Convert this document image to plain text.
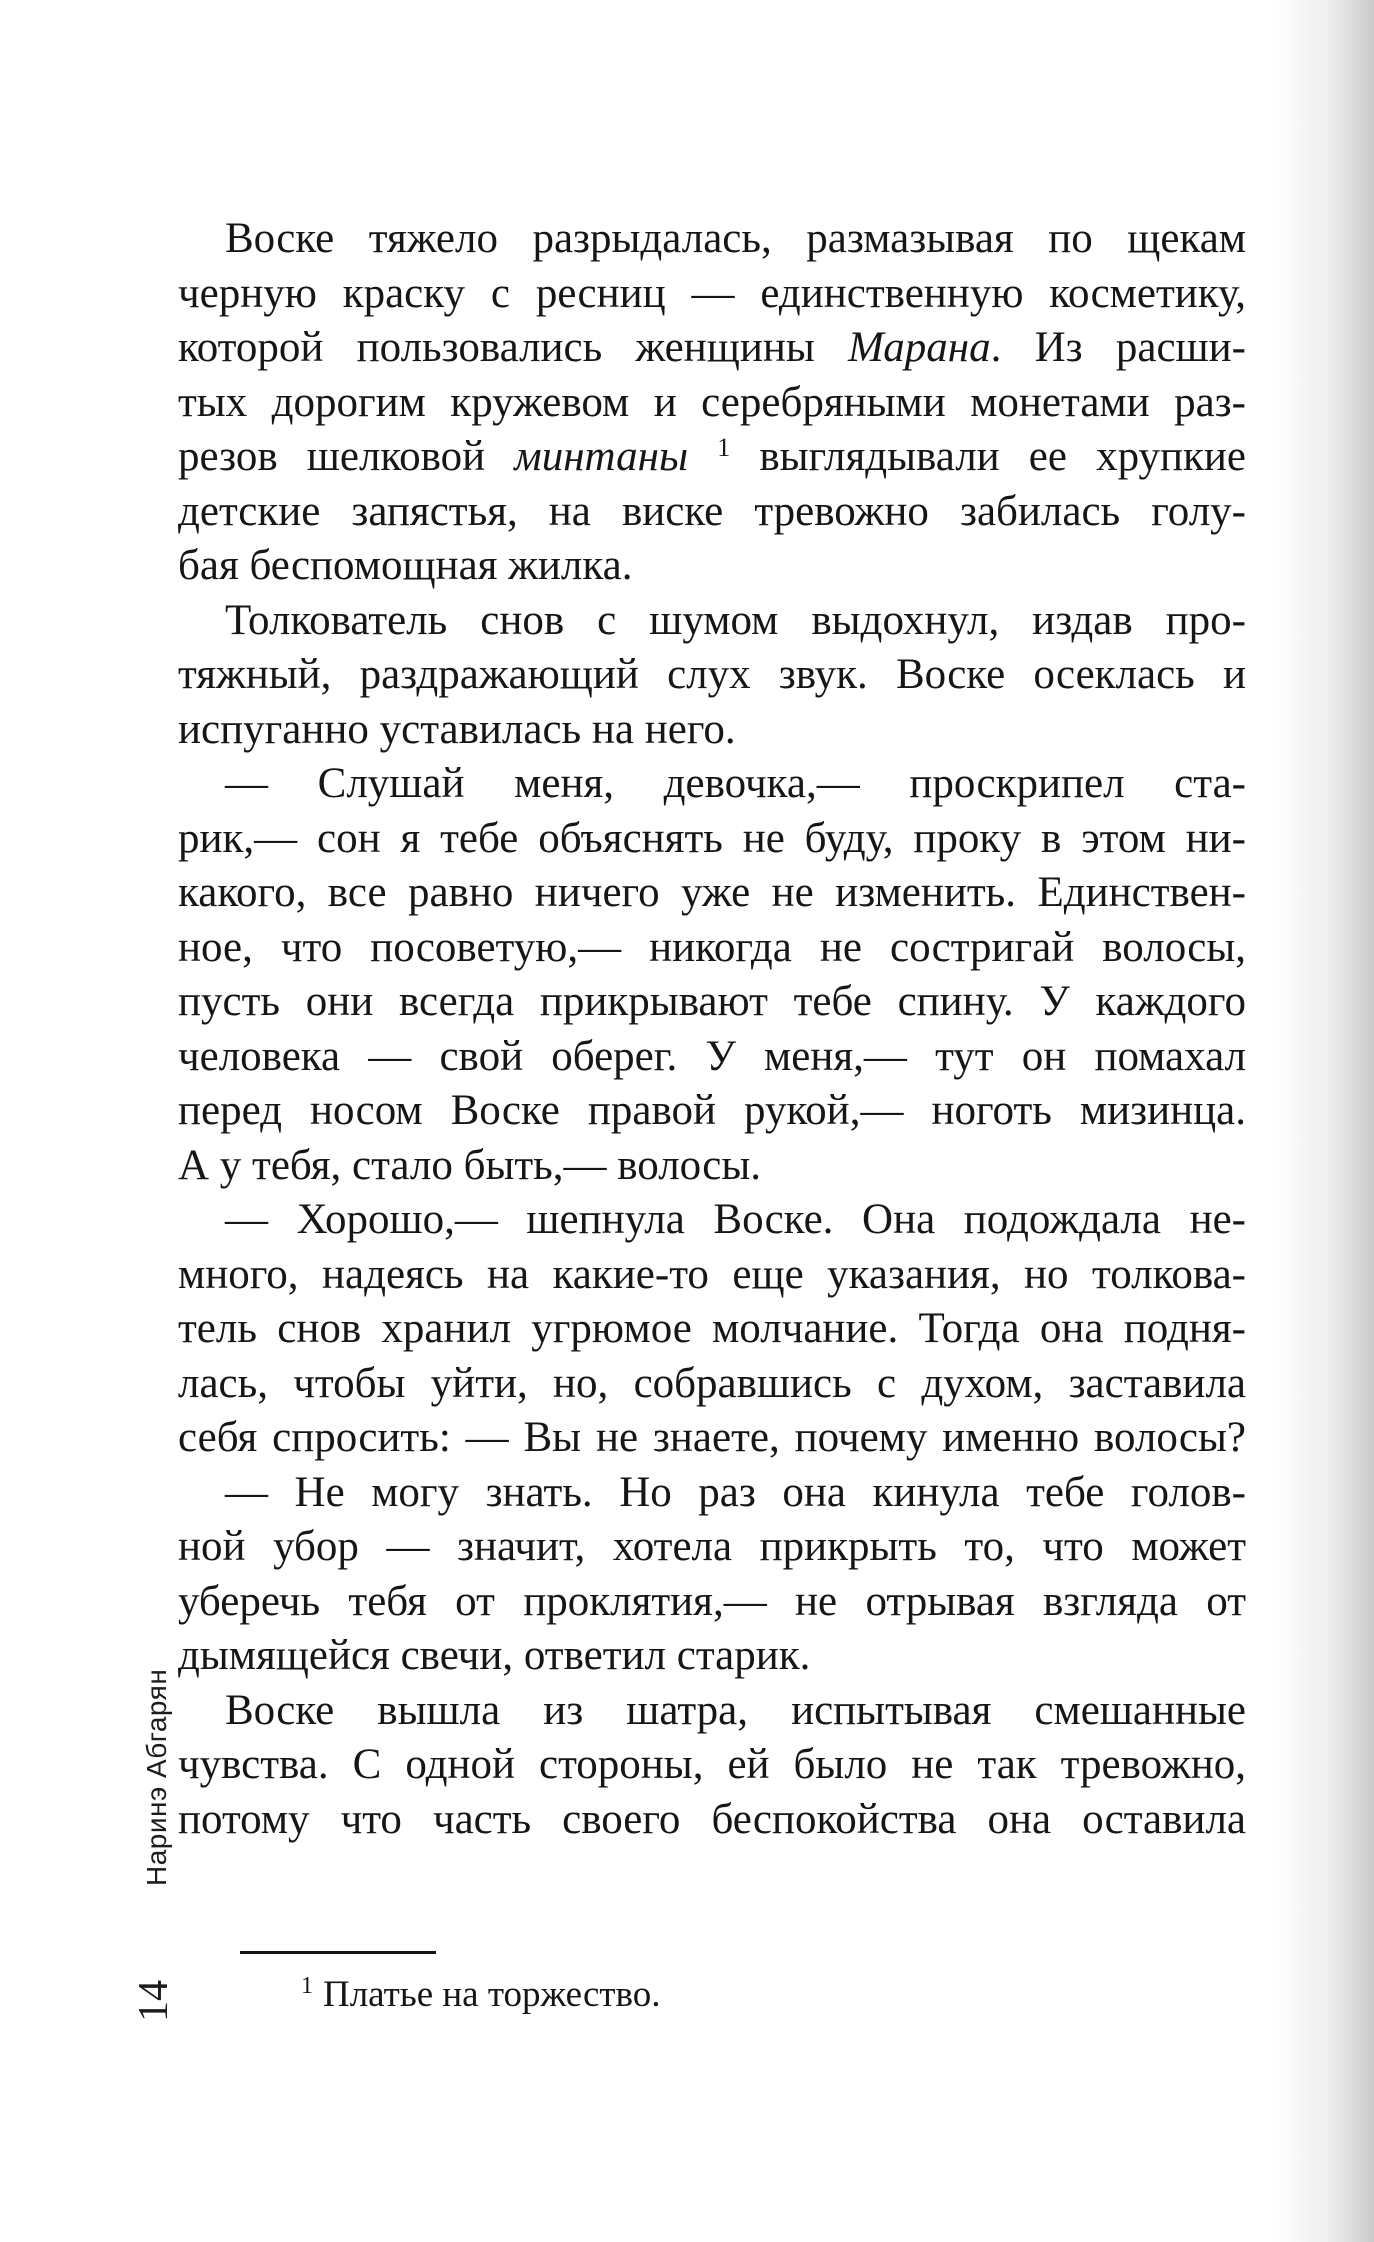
Воске тяжело разрыдалась, размазывая по щекам
черную краску с ресниц — единственную косметику,
которой пользовались женщины Марана. Из расши-
тых дорогим кружевом и серебряными монетами раз-
резов шелковой минтаны $^1$ выглядывали ее хрупкие
детские запястья, на виске тревожно забилась голу-
бая беспомощная жилка.
Толкователь снов с шумом выдохнул, издав про-
тяжный, раздражающий слух звук. Воске осеклась и
испуганно уставилась на него.
— Слушай меня, девочка,— проскрипел ста-
рик,— сон я тебе объяснять не буду, проку в этом ни-
какого, все равно ничего уже не изменить. Единствен-
ное, что посоветую,— никогда не состригай волосы,
пусть они всегда прикрывают тебе спину. У каждого
человека — свой оберег. У меня,— тут он помахал
перед носом Воске правой рукой,— ноготь мизинца.
А у тебя, стало быть,— волосы.
— Хорошо,— шепнула Воске. Она подождала не-
много, надеясь на какие-то еще указания, но толкова-
тель снов хранил угрюмое молчание. Тогда она подня-
лась, чтобы уйти, но, собравшись с духом, заставила
себя спросить: — Вы не знаете, почему именно волосы?
— Не могу знать. Но раз она кинула тебе голов-
ной убор — значит, хотела прикрыть то, что может
уберечь тебя от проклятия,— не отрывая взгляда от
дымящейся свечи, ответил старик.
Воске вышла из шатра, испытывая смешанные
чувства. С одной стороны, ей было не так тревожно,
потому что часть своего беспокойства она оставила
Наринэ Абгарян
14	$^1$ Платье на торжество.
